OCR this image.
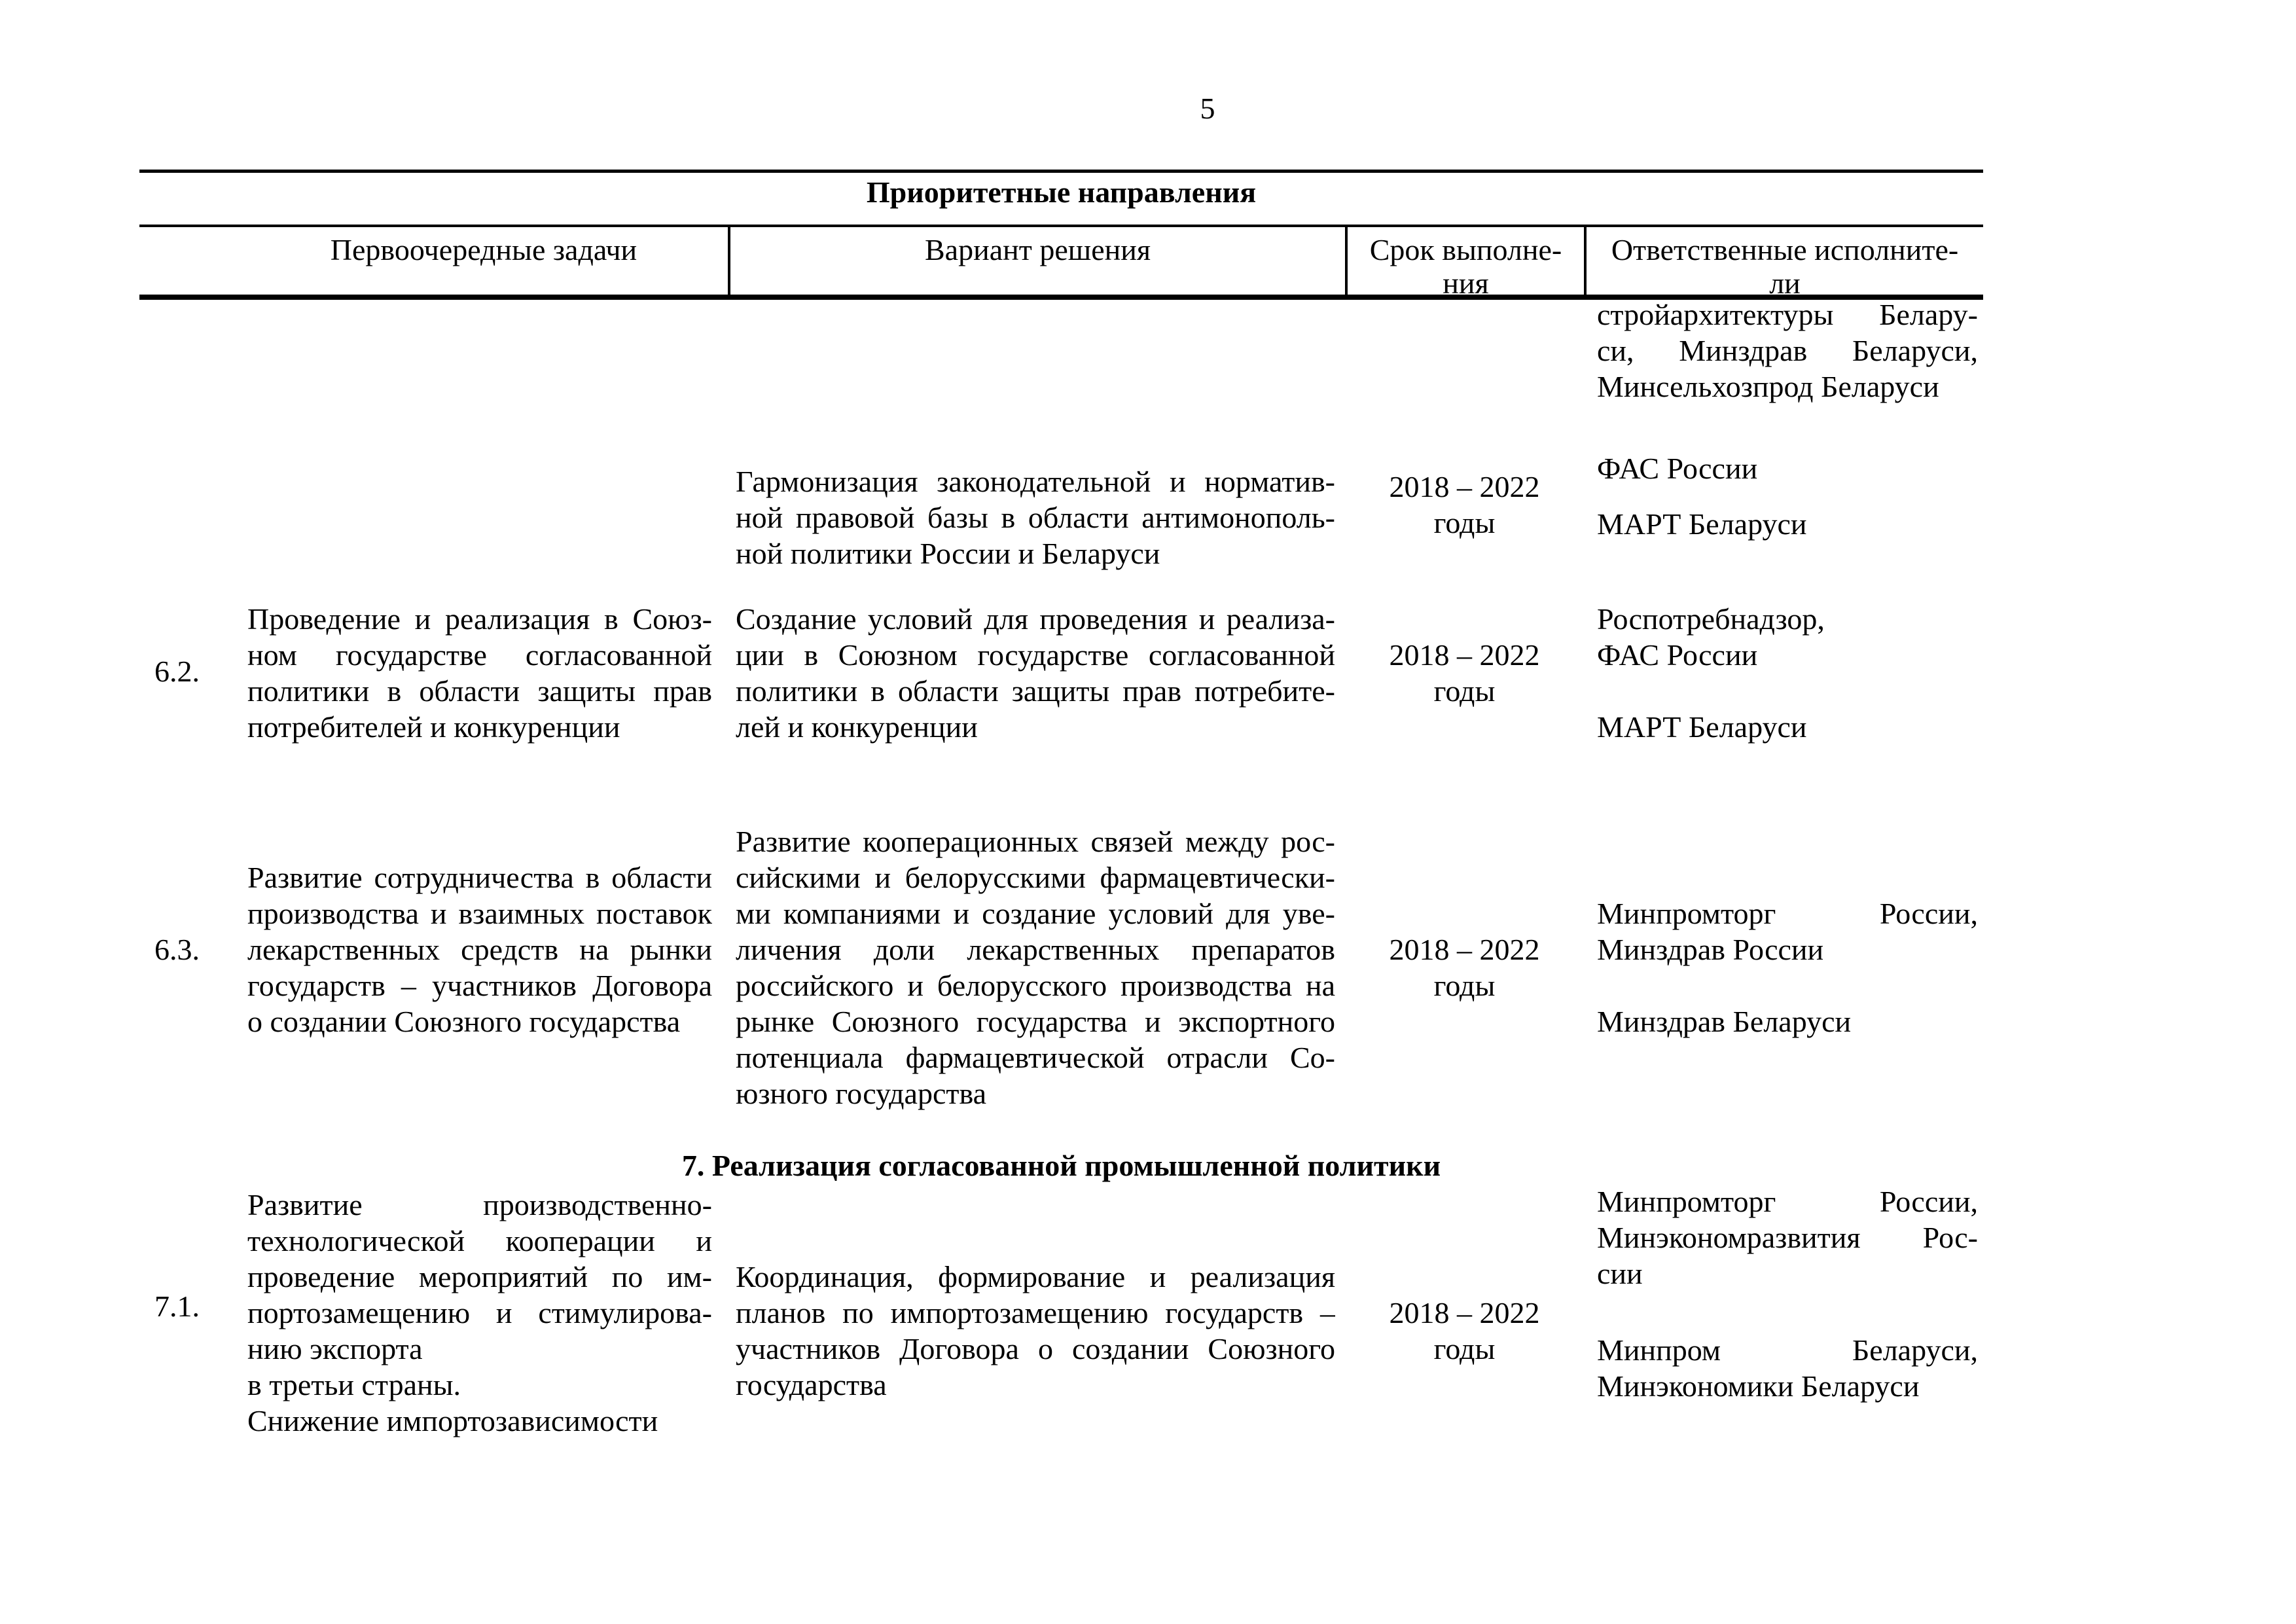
5
Приоритетные направления
Первоочередные задачи	Вариант решения	Срок выполне-
ния
Ответственные исполните-
ли
7. Реализация согласованной промышленной политики
стройархитектуры Белару-
си, Минздрав Беларуси,
Минсельхозпрод Беларуси
Гармонизация законодательной и норматив-
ной правовой базы в области антимонополь-
ной политики России и Беларуси
2018 – 2022
годы
ФАС России
МАРТ Беларуси
6.2.
Проведение и реализация в Союз-
ном государстве согласованной
политики в области защиты прав
потребителей и конкуренции
Создание условий для проведения и реализа-
ции в Союзном государстве согласованной
политики в области защиты прав потребите-
лей и конкуренции
2018 – 2022
годы
Роспотребнадзор,
ФАС России
МАРТ Беларуси
6.3.
Развитие сотрудничества в области
производства и взаимных поставок
лекарственных средств на рынки
государств – участников Договора
о создании Союзного государства
Развитие кооперационных связей между рос-
сийскими и белорусскими фармацевтически-
ми компаниями и создание условий для уве-
личения доли лекарственных препаратов
российского и белорусского производства на
рынке Союзного государства и экспортного
потенциала фармацевтической отрасли Со-
юзного государства
2018 – 2022
годы
Минпромторг России,
Минздрав России
Минздрав Беларуси
7.1.
Развитие производственно-
технологической кооперации и
проведение мероприятий по им-
портозамещению и стимулирова-
нию экспорта
в третьи страны.
Снижение импортозависимости
Координация, формирование и реализация
планов по импортозамещению государств –
участников Договора о создании Союзного
государства
2018 – 2022
годы
Минпромторг России,
Минэкономразвития Рос-
сии
Минпром Беларуси,
Минэкономики Беларуси
